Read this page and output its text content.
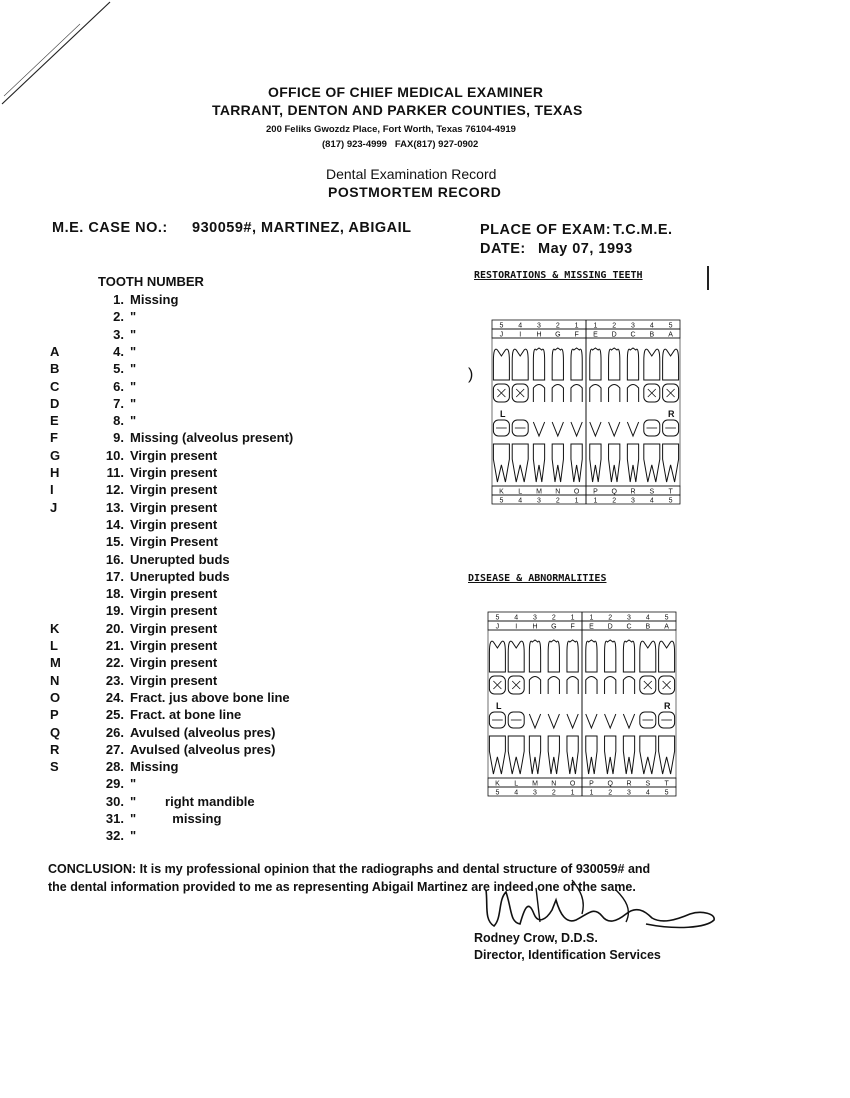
OFFICE OF CHIEF MEDICAL EXAMINER
TARRANT, DENTON AND PARKER COUNTIES, TEXAS
200 Feliks Gwozdz Place, Fort Worth, Texas 76104-4919
(817) 923-4999   FAX(817) 927-0902
Dental Examination Record
POSTMORTEM RECORD
M.E. CASE NO.: 930059#, MARTINEZ, ABIGAIL	PLACE OF EXAM: T.C.M.E.
DATE: May 07, 1993
TOOTH NUMBER
1. Missing
2. "
3. "
A	4. "
B	5. "
C	6. "
D	7. "
E	8. "
F	9. Missing (alveolus present)
G	10. Virgin present
H	11. Virgin present
I	12. Virgin present
J	13. Virgin present
14. Virgin present
15. Virgin Present
16. Unerupted buds
17. Unerupted buds
18. Virgin present
19. Virgin present
K	20. Virgin present
L	21. Virgin present
M	22. Virgin present
N	23. Virgin present
O	24. Fract. jus above bone line
P	25. Fract. at bone line
Q	26. Avulsed (alveolus pres)
R	27. Avulsed (alveolus pres)
S	28. Missing
29. "
30. "        right mandible
31. "          missing
32. "
RESTORATIONS & MISSING TEETH
DISEASE & ABNORMALITIES
5
J
K
5
4
I
L
4
3
H
M
3
2
G
N
2
1
F
O
1
1
E
P
1
2
D
Q
2
3
C
R
3
4
B
S
4
5
A
T
5
L	R
5
J
K
5
4
I
L
4
3
H
M
3
2
G
N
2
1
F
O
1
1
E
P
1
2
D
Q
2
3
C
R
3
4
B
S
4
5
A
T
5
L	R
)
CONCLUSION: It is my professional opinion that the radiographs and dental structure of 930059# and
the dental information provided to me as representing Abigail Martinez are indeed one of the same.
Rodney Crow, D.D.S.
Director, Identification Services
